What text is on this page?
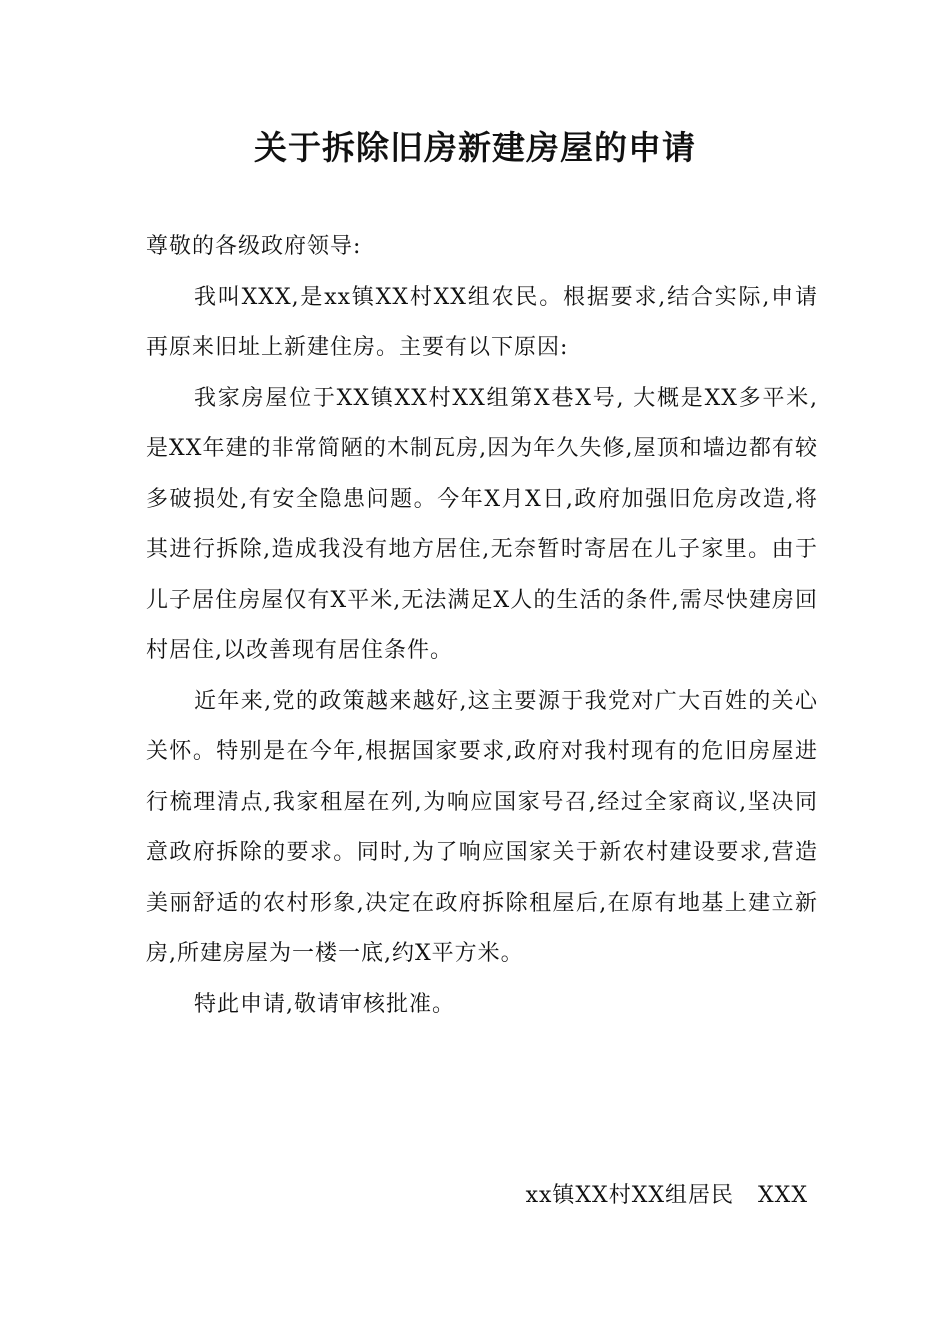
关于拆除旧房新建房屋的申请

尊敬的各级政府领导:

我叫XXX,是xx镇XX村XX组农民。根据要求,结合实际,申请再原来旧址上新建住房。主要有以下原因:

我家房屋位于XX镇XX村XX组第X巷X号, 大概是XX多平米,是XX年建的非常简陋的木制瓦房,因为年久失修,屋顶和墙边都有较多破损处,有安全隐患问题。今年X月X日,政府加强旧危房改造,将其进行拆除,造成我没有地方居住,无奈暂时寄居在儿子家里。由于儿子居住房屋仅有X平米,无法满足X人的生活的条件,需尽快建房回村居住,以改善现有居住条件。

近年来,党的政策越来越好,这主要源于我党对广大百姓的关心关怀。特别是在今年,根据国家要求,政府对我村现有的危旧房屋进行梳理清点,我家租屋在列,为响应国家号召,经过全家商议,坚决同意政府拆除的要求。同时,为了响应国家关于新农村建设要求,营造美丽舒适的农村形象,决定在政府拆除租屋后,在原有地基上建立新房,所建房屋为一楼一底,约X平方米。

特此申请,敬请审核批准。

xx镇XX村XX组居民   XXX
